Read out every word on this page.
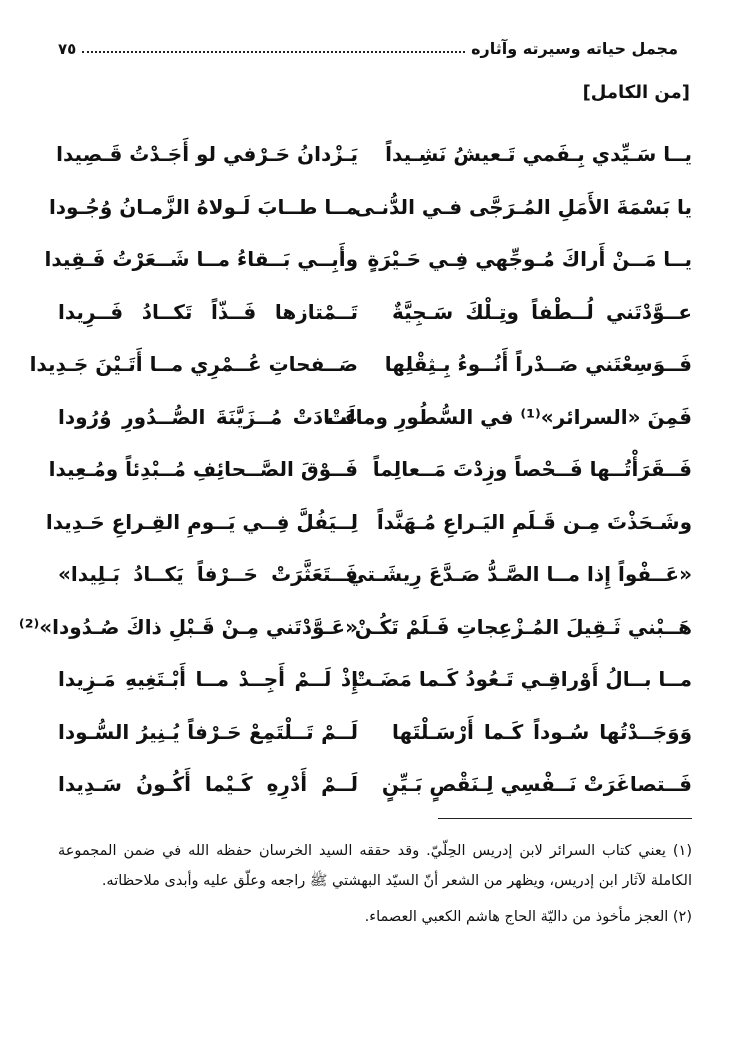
مجمل حياته وسيرته وآثاره
٧٥
[من الكامل]
يــا سَـيِّدي بِـفَمي تَـعيشُ نَشِـيداً
يَـزْدانُ حَـرْفي لو أَجَـدْتُ قَـصِيدا
يا بَسْمَةَ الأَمَلِ المُـرَجَّى فـي الدُّنـى
مــا طــابَ لَـولاهُ الزَّمـانُ وُجُـودا
يــا مَــنْ أَراكَ مُـوجِّهي فِـي حَـيْرَةٍ
وأَبِــي بَــقاءُ مــا شَــعَرْتُ فَـقِيدا
عــوَّدْتَني لُــطْفاً وتِـلْكَ سَـجِيَّةٌ
تَــمْتازها فَــذّاً تَكــادُ فَــرِيدا
فَــوَسِعْتَني صَــدْراً أَنُــوءُ بِـثِقْلِها
صَــفحاتِ عُــمْرِي مــا أَتَـيْنَ جَـدِيدا
فَمِنَ «السرائر»⁽¹⁾ في السُّطُورِ ومالَتْ
عَــادَتْ مُــزَيَّنَةَ الصُّــدُورِ وُرُودا
فَــقَرَأْتُــها فَــحْصاً وزِدْتَ مَــعالِماً
فَــوْقَ الصَّــحائِفِ مُــبْدِئاً ومُـعِيدا
وشَـحَذْتَ مِـن قَـلَمِ اليَـراعِ مُـهَنَّداً
لِــيَفُلَّ فِــي يَــومِ القِـراعِ حَـدِيدا
«عَــفْواً إِذا مــا الصَّـدُّ صَـدَّعَ رِيشَـتي
فَــتَعَثَّرَتْ حَــرْفاً يَكــادُ بَـلِيدا»
هَــبْني ثَـقِيلَ المُـزْعِجاتِ فَـلَمْ تَكُـنْ
«عَـوَّدْتَني مِـنْ قَـبْلِ ذاكَ صُـدُودا»⁽²⁾
مــا بــالُ أَوْراقِـي تَـعُودُ كَـما مَضَـتْ
إِذْ لَــمْ أَجِــدْ مــا أَبْـتَغِيهِ مَـزِيدا
وَوَجَــدْتُها سُـوداً كَـما أَرْسَـلْتَها
لَــمْ تَــلْتَمِعْ حَـرْفاً يُـنِيرُ السُّـودا
فَــتصاغَرَتْ نَــفْسِي لِـنَقْصٍ بَـيِّنٍ
لَــمْ أَدْرِهِ كَـيْما أَكُـونُ سَـدِيدا

(١) يعني كتاب السرائر لابن إدريس الحِلّيّ. وقد حققه السيد الخرسان حفظه الله في ضمن المجموعة الكاملة لآثار ابن إدريس، ويظهر من الشعر أنّ السيّد البهشتي ﷺ راجعه وعلّق عليه وأبدى ملاحظاته.

(٢) العجز مأخوذ من داليّة الحاج هاشم الكعبي العصماء.
